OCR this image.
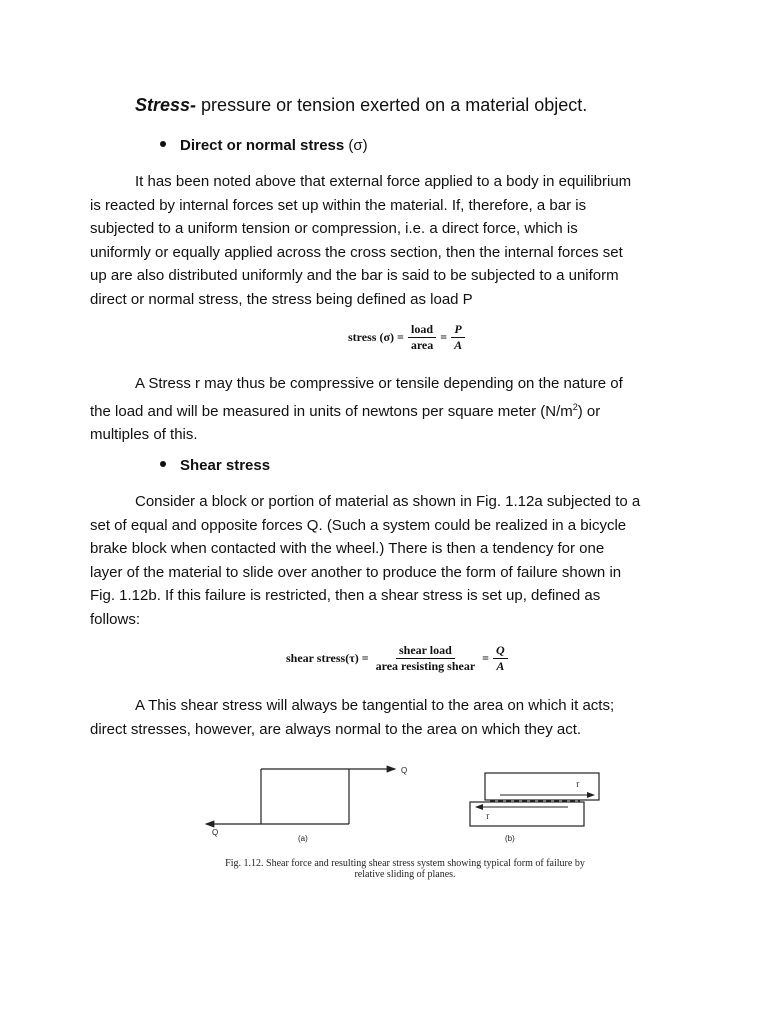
Stress- pressure or tension exerted on a material object.
Direct or normal stress (σ)
It has been noted above that external force applied to a body in equilibrium
is reacted by internal forces set up within the material. If, therefore, a bar is
subjected to a uniform tension or compression, i.e. a direct force, which is
uniformly or equally applied across the cross section, then the internal forces set
up are also distributed uniformly and the bar is said to be subjected to a uniform
direct or normal stress, the stress being defined as load P
stress $(\sigma) = \frac{\text{load}}{\text{area}} = \frac{P}{A}$
A Stress r may thus be compressive or tensile depending on the nature of
the load and will be measured in units of newtons per square meter $(N/m^2)$ or
multiples of this.
Shear stress
Consider a block or portion of material as shown in Fig. 1.12a subjected to a
set of equal and opposite forces Q. (Such a system could be realized in a bicycle
brake block when contacted with the wheel.) There is then a tendency for one
layer of the material to slide over another to produce the form of failure shown in
Fig. 1.12b. If this failure is restricted, then a shear stress is set up, defined as
follows:
shear stress(τ) = $\frac{\text{shear load}}{\text{area resisting shear}} = \frac{Q}{A}$
A This shear stress will always be tangential to the area on which it acts;
direct stresses, however, are always normal to the area on which they act.
Q
Q
(a)
τ
τ
(b)
Fig. 1.12. Shear force and resulting shear stress system showing typical form of failure by
relative sliding of planes.
